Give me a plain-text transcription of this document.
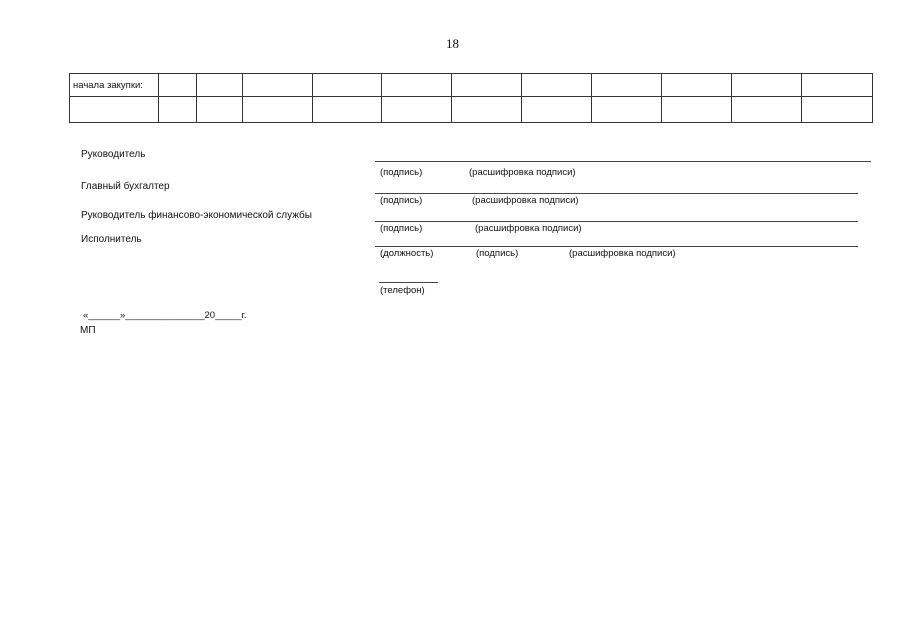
18
начала закупки:											

Руководитель
(подпись)	(расшифровка подписи)
Главный бухгалтер
(подпись)	(расшифровка подписи)
Руководитель финансово-экономической службы
(подпись)	(расшифровка подписи)
Исполнитель
(должность)	(подпись)	(расшифровка подписи)
(телефон)
«______»_______________20_____г.
МП
